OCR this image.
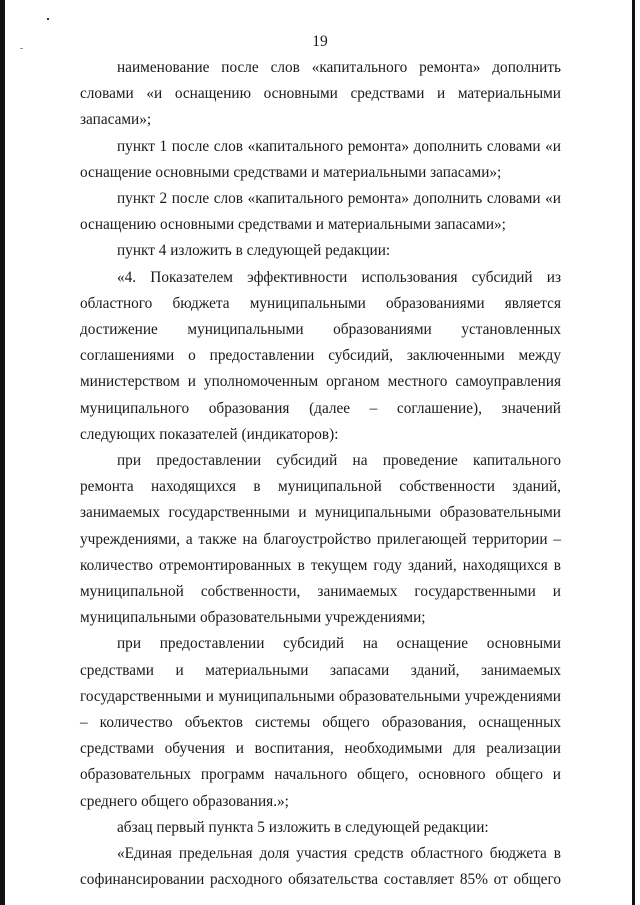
19

наименование после слов «капитального ремонта» дополнить словами «и оснащению основными средствами и материальными запасами»;

пункт 1 после слов «капитального ремонта» дополнить словами «и оснащение основными средствами и материальными запасами»;

пункт 2 после слов «капитального ремонта» дополнить словами «и оснащению основными средствами и материальными запасами»;

пункт 4 изложить в следующей редакции:

«4. Показателем эффективности использования субсидий из областного бюджета муниципальными образованиями является достижение муниципальными образованиями установленных соглашениями о предоставлении субсидий, заключенными между министерством и уполномоченным органом местного самоуправления муниципального образования (далее – соглашение), значений следующих показателей (индикаторов):

при предоставлении субсидий на проведение капитального ремонта находящихся в муниципальной собственности зданий, занимаемых государственными и муниципальными образовательными учреждениями, а также на благоустройство прилегающей территории – количество отремонтированных в текущем году зданий, находящихся в муниципальной собственности, занимаемых государственными и муниципальными образовательными учреждениями;

при предоставлении субсидий на оснащение основными средствами и материальными запасами зданий, занимаемых государственными и муниципальными образовательными учреждениями – количество объектов системы общего образования, оснащенных средствами обучения и воспитания, необходимыми для реализации образовательных программ начального общего, основного общего и среднего общего образования.»;

абзац первый пункта 5 изложить в следующей редакции:

«Единая предельная доля участия средств областного бюджета в софинансировании расходного обязательства составляет 85% от общего
